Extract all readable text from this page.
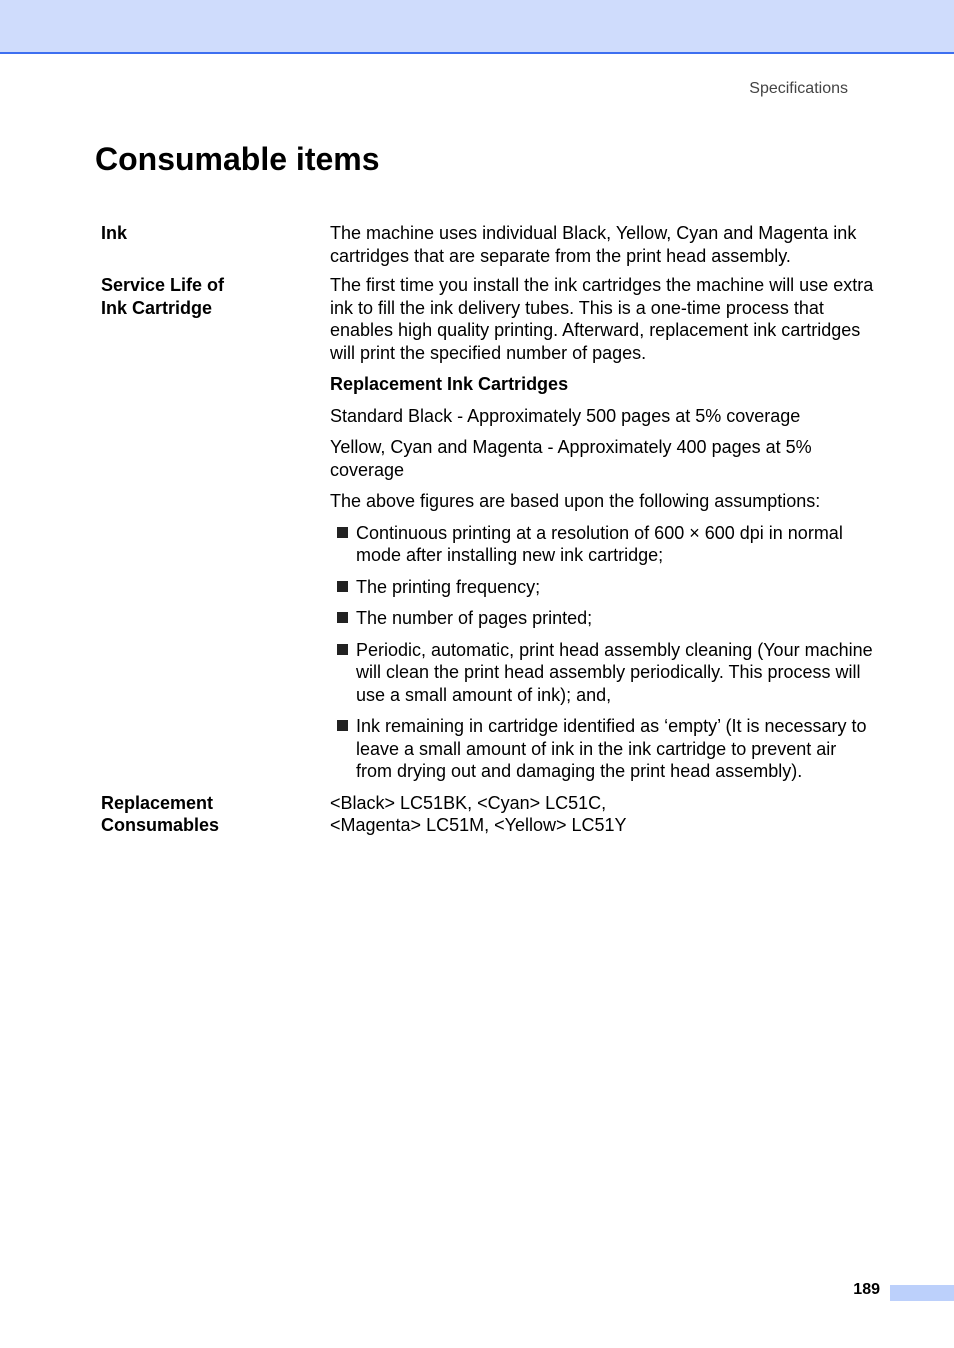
Specifications
Consumable items
Ink	The machine uses individual Black, Yellow, Cyan and Magenta ink cartridges that are separate from the print head assembly.
Service Life of
Ink Cartridge

The first time you install the ink cartridges the machine will use extra ink to fill the ink delivery tubes. This is a one-time process that enables high quality printing. Afterward, replacement ink cartridges will print the specified number of pages.

Replacement Ink Cartridges

Standard Black - Approximately 500 pages at 5% coverage

Yellow, Cyan and Magenta - Approximately 400 pages at 5% coverage

The above figures are based upon the following assumptions:

Continuous printing at a resolution of 600 × 600 dpi in normal mode after installing new ink cartridge;
The printing frequency;
The number of pages printed;
Periodic, automatic, print head assembly cleaning (Your machine will clean the print head assembly periodically. This process will use a small amount of ink); and,
Ink remaining in cartridge identified as ‘empty’ (It is necessary to leave a small amount of ink in the ink cartridge to prevent air from drying out and damaging the print head assembly).
Replacement
Consumables
<Black> LC51BK, <Cyan> LC51C,
<Magenta> LC51M, <Yellow> LC51Y
189
